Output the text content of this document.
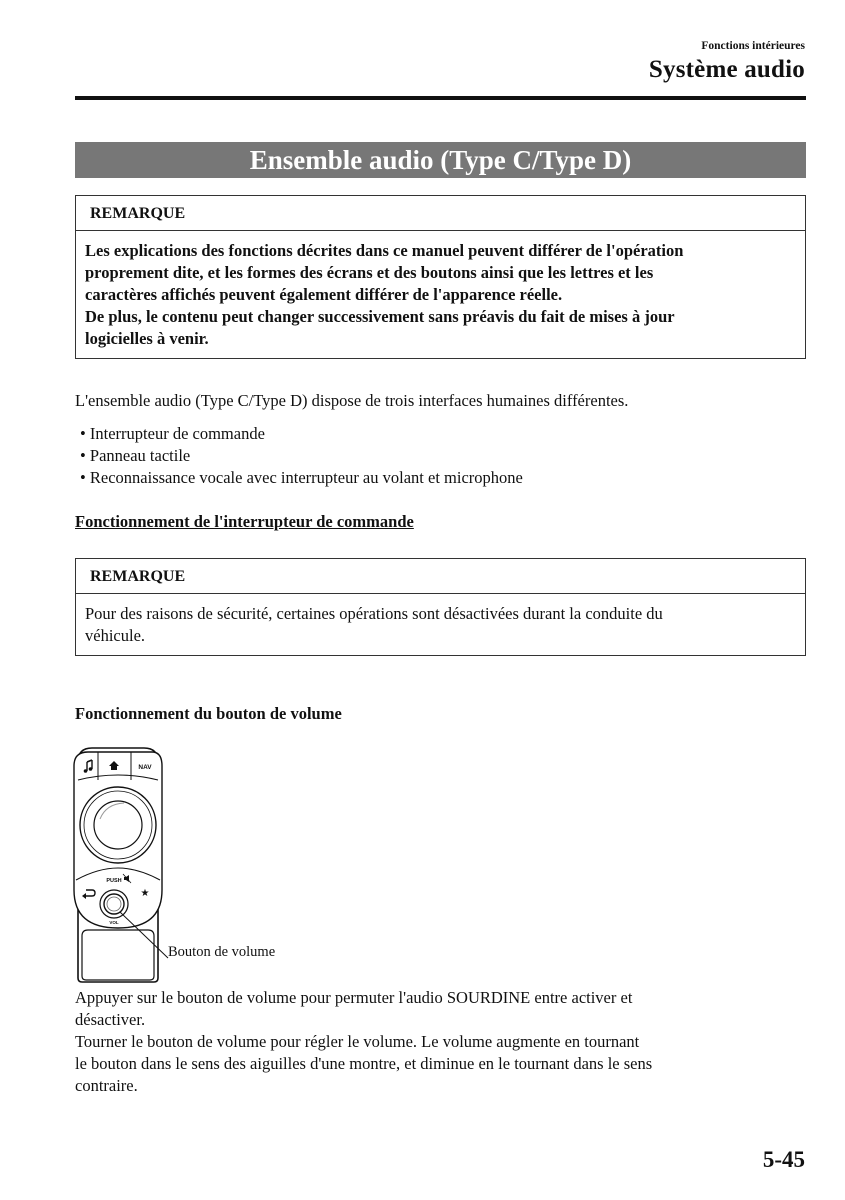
Fonctions intérieures
Système audio
Ensemble audio (Type C/Type D)
REMARQUE
Les explications des fonctions décrites dans ce manuel peuvent différer de l'opération
proprement dite, et les formes des écrans et des boutons ainsi que les lettres et les
caractères affichés peuvent également différer de l'apparence réelle.
De plus, le contenu peut changer successivement sans préavis du fait de mises à jour
logicielles à venir.
L'ensemble audio (Type C/Type D) dispose de trois interfaces humaines différentes.
• Interrupteur de commande
• Panneau tactile
• Reconnaissance vocale avec interrupteur au volant et microphone
Fonctionnement de l'interrupteur de commande
REMARQUE
Pour des raisons de sécurité, certaines opérations sont désactivées durant la conduite du
véhicule.
Fonctionnement du bouton de volume
NAV
PUSH
★
VOL
Bouton de volume
Appuyer sur le bouton de volume pour permuter l'audio SOURDINE entre activer et
désactiver.
Tourner le bouton de volume pour régler le volume. Le volume augmente en tournant
le bouton dans le sens des aiguilles d'une montre, et diminue en le tournant dans le sens
contraire.
5-45
